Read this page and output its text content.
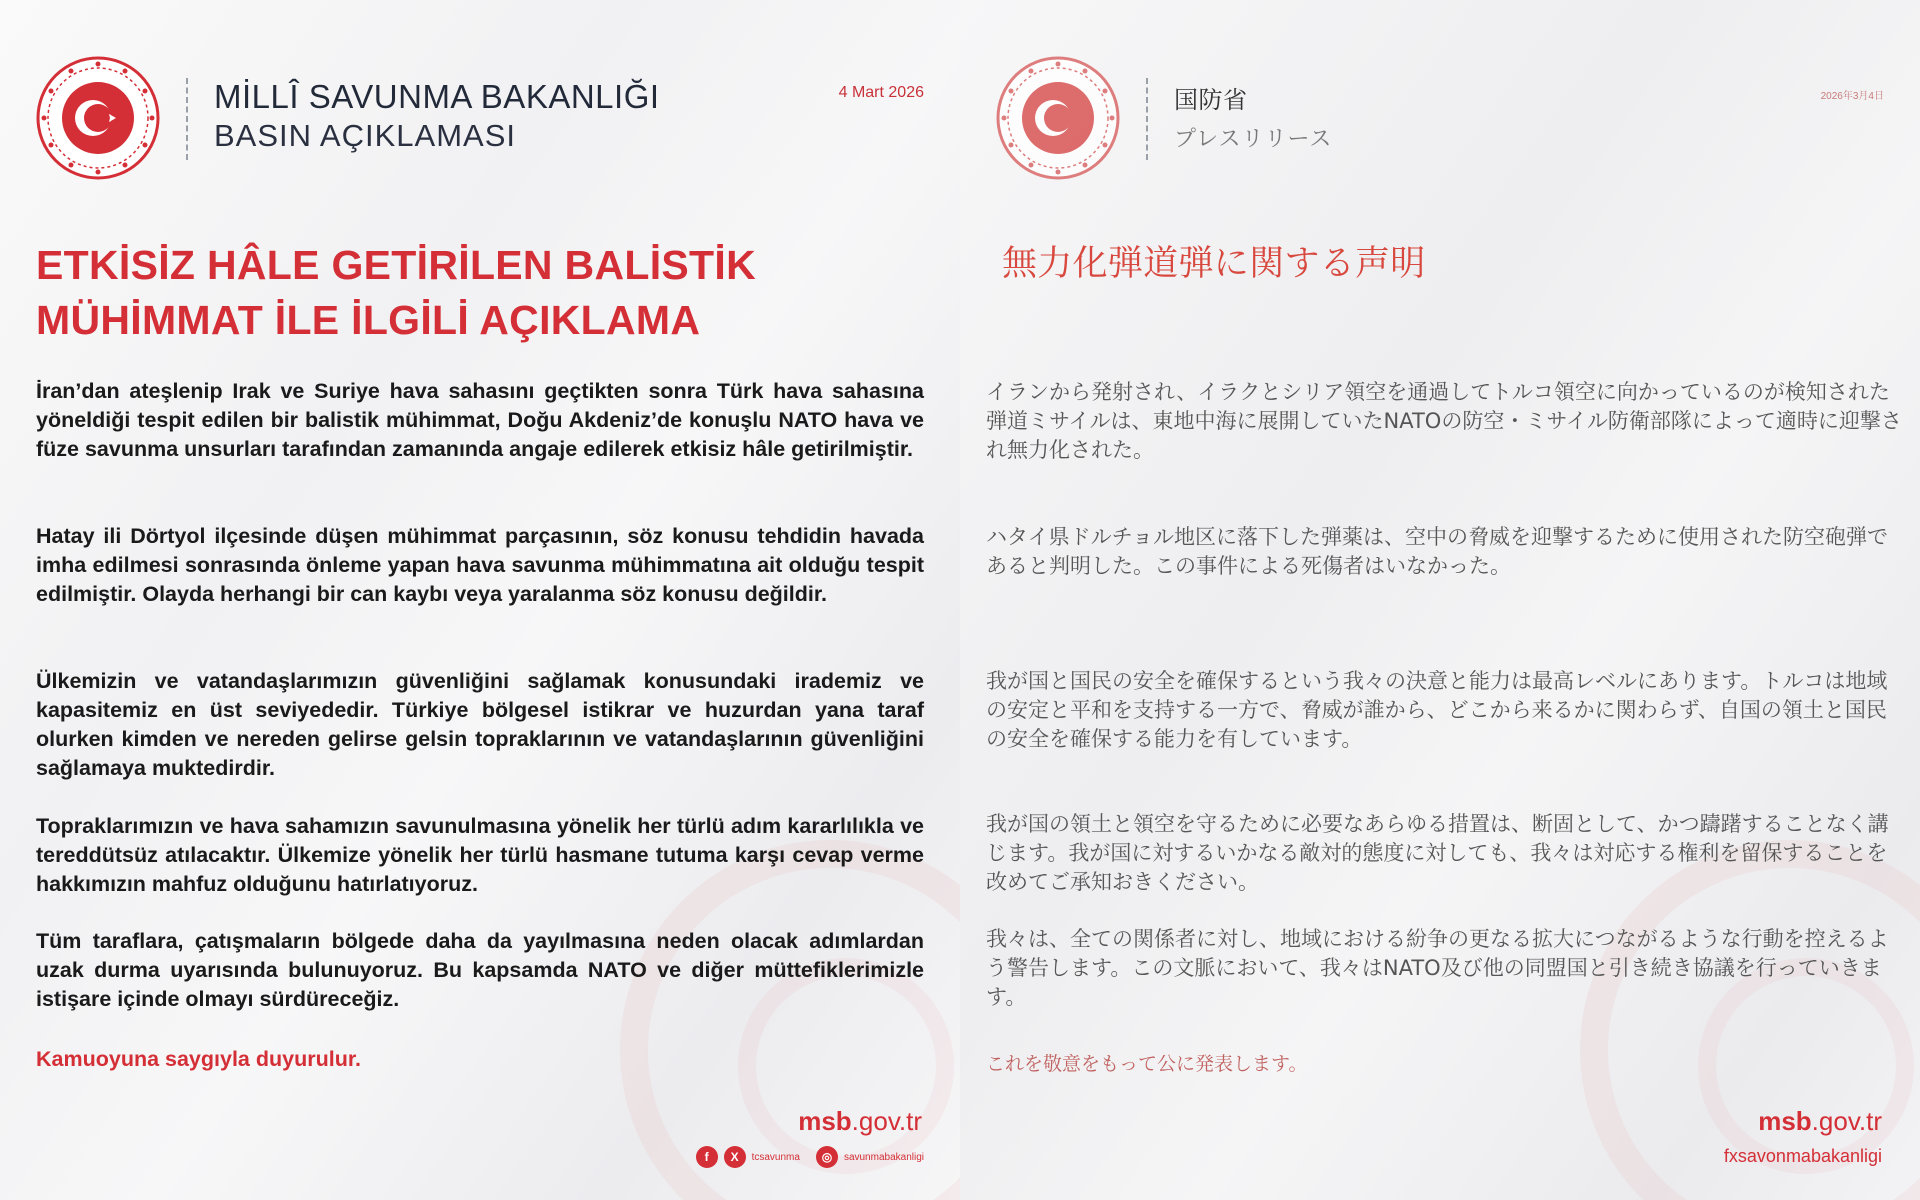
MİLLÎ SAVUNMA BAKANLIĞI
BASIN AÇIKLAMASI
4 Mart 2026
ETKİSİZ HÂLE GETİRİLEN BALİSTİK
MÜHİMMAT İLE İLGİLİ AÇIKLAMA

İran’dan ateşlenip Irak ve Suriye hava sahasını geçtikten sonra Türk hava sahasına yöneldiği tespit edilen bir balistik mühimmat, Doğu Akdeniz’de konuşlu NATO hava ve füze savunma unsurları tarafından zamanında angaje edilerek etkisiz hâle getirilmiştir.

Hatay ili Dörtyol ilçesinde düşen mühimmat parçasının, söz konusu tehdidin havada imha edilmesi sonrasında önleme yapan hava savunma mühimmatına ait olduğu tespit edilmiştir. Olayda herhangi bir can kaybı veya yaralanma söz konusu değildir.

Ülkemizin ve vatandaşlarımızın güvenliğini sağlamak konusundaki irademiz ve kapasitemiz en üst seviyededir. Türkiye bölgesel istikrar ve huzurdan yana taraf olurken kimden ve nereden gelirse gelsin topraklarının ve vatandaşlarının güvenliğini sağlamaya muktedirdir.

Topraklarımızın ve hava sahamızın savunulmasına yönelik her türlü adım kararlılıkla ve tereddütsüz atılacaktır. Ülkemize yönelik her türlü hasmane tutuma karşı cevap verme hakkımızın mahfuz olduğunu hatırlatıyoruz.

Tüm taraflara, çatışmaların bölgede daha da yayılmasına neden olacak adımlardan uzak durma uyarısında bulunuyoruz. Bu kapsamda NATO ve diğer müttefiklerimizle istişare içinde olmayı sürdüreceğiz.

Kamuoyuna saygıyla duyurulur.
msb.gov.tr
f	X	tcsavunma	◎	savunmabakanligi
国防省
プレスリリース
2026年3月4日
無力化弾道弾に関する声明

イランから発射され、イラクとシリア領空を通過してトルコ領空に向かっているのが検知された弾道ミサイルは、東地中海に展開していたNATOの防空・ミサイル防衛部隊によって適時に迎撃され無力化された。

ハタイ県ドルチョル地区に落下した弾薬は、空中の脅威を迎撃するために使用された防空砲弾であると判明した。この事件による死傷者はいなかった。

我が国と国民の安全を確保するという我々の決意と能力は最高レベルにあります。トルコは地域の安定と平和を支持する一方で、脅威が誰から、どこから来るかに関わらず、自国の領土と国民の安全を確保する能力を有しています。

我が国の領土と領空を守るために必要なあらゆる措置は、断固として、かつ躊躇することなく講じます。我が国に対するいかなる敵対的態度に対しても、我々は対応する権利を留保することを改めてご承知おきください。

我々は、全ての関係者に対し、地域における紛争の更なる拡大につながるような行動を控えるよう警告します。この文脈において、我々はNATO及び他の同盟国と引き続き協議を行っていきます。

これを敬意をもって公に発表します。
msb.gov.tr
fxsavonmabakanligi
